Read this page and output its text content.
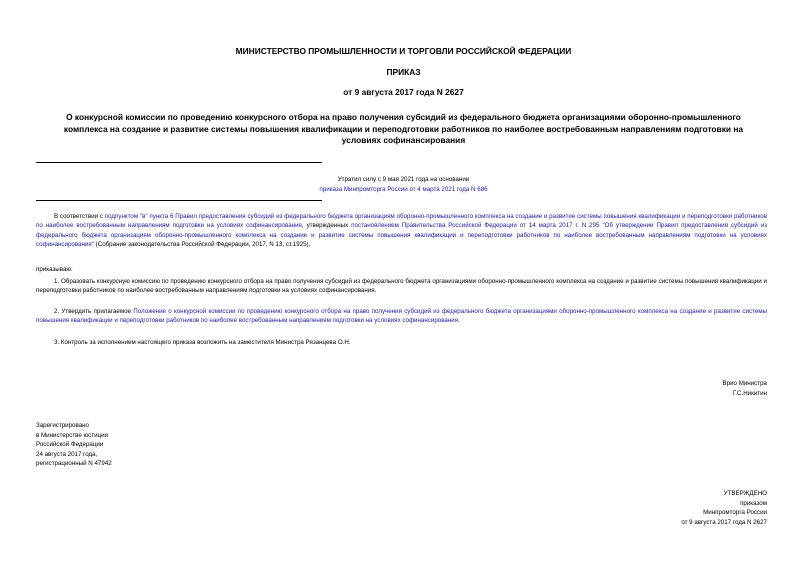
МИНИСТЕРСТВО ПРОМЫШЛЕННОСТИ И ТОРГОВЛИ РОССИЙСКОЙ ФЕДЕРАЦИИ
ПРИКАЗ
от 9 августа 2017 года N 2627
О конкурсной комиссии по проведению конкурсного отбора на право получения субсидий из федерального бюджета организациями оборонно-промышленного комплекса на создание и развитие системы повышения квалификации и переподготовки работников по наиболее востребованным направлениям подготовки на условиях софинансирования
Утратил силу с 9 мая 2021 года на основании
приказа Минпромторга России от 4 марта 2021 года N 686

В соответствии с подпунктом "в" пункта 6 Правил предоставления субсидий из федерального бюджета организациям оборонно-промышленного комплекса на создание и развитие системы повышения квалификации и переподготовки работников по наиболее востребованным направлениям подготовки на условиях софинансирования, утвержденных постановлением Правительства Российской Федерации от 14 марта 2017 г. N 295 "Об утверждении Правил предоставления субсидий из федерального бюджета организациям оборонно-промышленного комплекса на создание и развитие системы повышения квалификации и переподготовки работников по наиболее востребованным направлениям подготовки на условиях софинансирования" (Собрание законодательства Российской Федерации, 2017, N 13, ст.1925),

приказываю:

1. Образовать конкурсную комиссию по проведению конкурсного отбора на право получения субсидий из федерального бюджета организациями оборонно-промышленного комплекса на создание и развитие системы повышения квалификации и переподготовки работников по наиболее востребованным направлениям подготовки на условиях софинансирования.

2. Утвердить прилагаемое Положение о конкурсной комиссии по проведению конкурсного отбора на право получения субсидий из федерального бюджета организациями оборонно-промышленного комплекса на создание и развитие системы повышения квалификации и переподготовки работников по наиболее востребованным направлениям подготовки на условиях софинансирования.

3. Контроль за исполнением настоящего приказа возложить на заместителя Министра Рязанцева О.Н.

Врио Министра
Г.С.Никитин
Зарегистрировано
в Министерстве юстиции
Российской Федерации
24 августа 2017 года,
регистрационный N 47942
УТВЕРЖДЕНО
приказом
Минпромторга России
от 9 августа 2017 года N 2627
